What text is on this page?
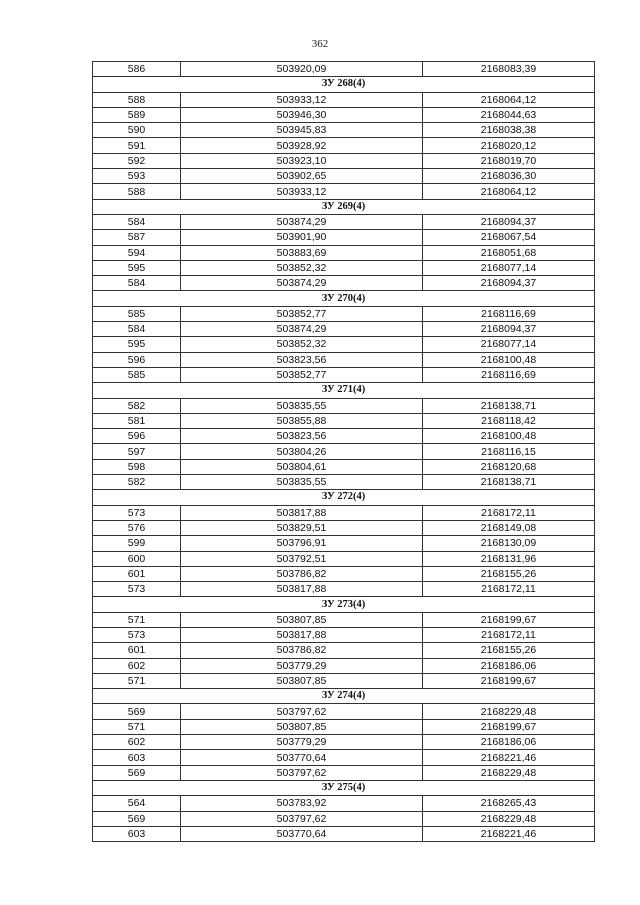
362
586	503920,09	2168083,39
ЗУ 268(4)		
588	503933,12	2168064,12
589	503946,30	2168044,63
590	503945,83	2168038,38
591	503928,92	2168020,12
592	503923,10	2168019,70
593	503902,65	2168036,30
588	503933,12	2168064,12
ЗУ 269(4)		
584	503874,29	2168094,37
587	503901,90	2168067,54
594	503883,69	2168051,68
595	503852,32	2168077,14
584	503874,29	2168094,37
ЗУ 270(4)		
585	503852,77	2168116,69
584	503874,29	2168094,37
595	503852,32	2168077,14
596	503823,56	2168100,48
585	503852,77	2168116,69
ЗУ 271(4)		
582	503835,55	2168138,71
581	503855,88	2168118,42
596	503823,56	2168100,48
597	503804,26	2168116,15
598	503804,61	2168120,68
582	503835,55	2168138,71
ЗУ 272(4)		
573	503817,88	2168172,11
576	503829,51	2168149,08
599	503796,91	2168130,09
600	503792,51	2168131,96
601	503786,82	2168155,26
573	503817,88	2168172,11
ЗУ 273(4)		
571	503807,85	2168199,67
573	503817,88	2168172,11
601	503786,82	2168155,26
602	503779,29	2168186,06
571	503807,85	2168199,67
ЗУ 274(4)		
569	503797,62	2168229,48
571	503807,85	2168199,67
602	503779,29	2168186,06
603	503770,64	2168221,46
569	503797,62	2168229,48
ЗУ 275(4)		
564	503783,92	2168265,43
569	503797,62	2168229,48
603	503770,64	2168221,46
